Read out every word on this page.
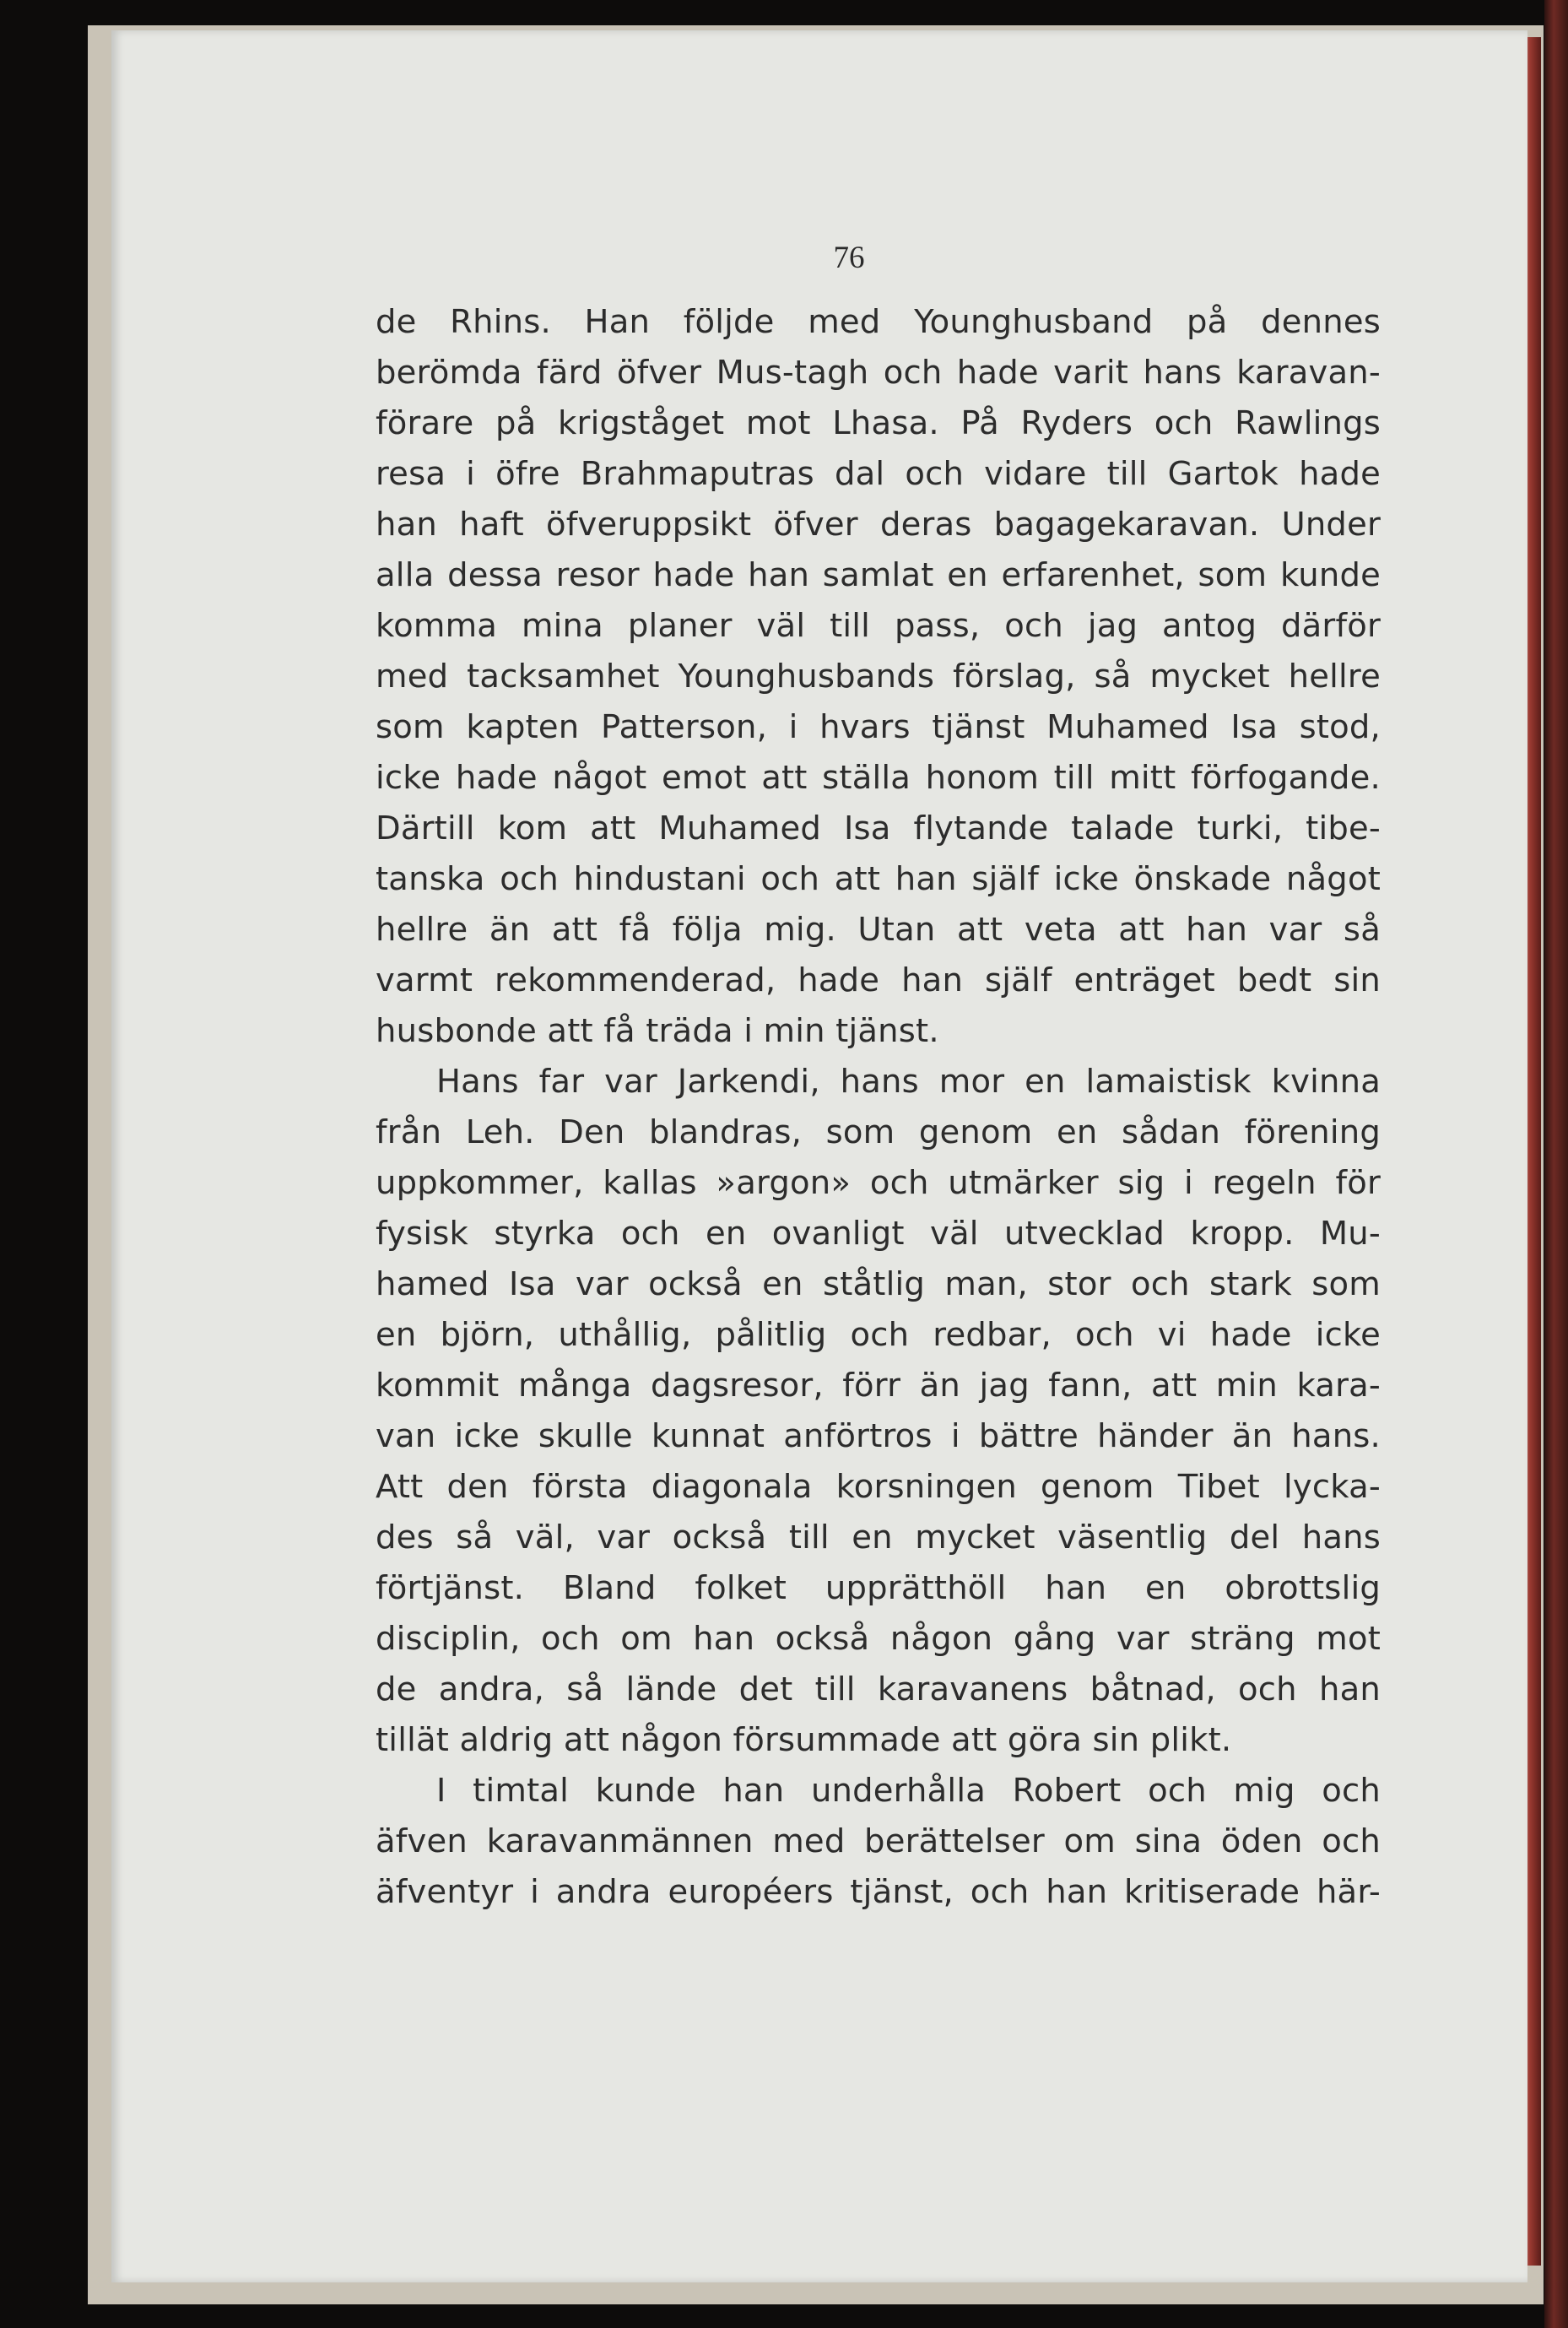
76
de Rhins. Han följde med Younghusband på dennes
berömda färd öfver Mus-tagh och hade varit hans karavan-
förare på krigståget mot Lhasa. På Ryders och Rawlings
resa i öfre Brahmaputras dal och vidare till Gartok hade
han haft öfveruppsikt öfver deras bagagekaravan. Under
alla dessa resor hade han samlat en erfarenhet, som kunde
komma mina planer väl till pass, och jag antog därför
med tacksamhet Younghusbands förslag, så mycket hellre
som kapten Patterson, i hvars tjänst Muhamed Isa stod,
icke hade något emot att ställa honom till mitt förfogande.
Därtill kom att Muhamed Isa flytande talade turki, tibe-
tanska och hindustani och att han själf icke önskade något
hellre än att få följa mig. Utan att veta att han var så
varmt rekommenderad, hade han själf enträget bedt sin
husbonde att få träda i min tjänst.
Hans far var Jarkendi, hans mor en lamaistisk kvinna
från Leh. Den blandras, som genom en sådan förening
uppkommer, kallas »argon» och utmärker sig i regeln för
fysisk styrka och en ovanligt väl utvecklad kropp. Mu-
hamed Isa var också en ståtlig man, stor och stark som
en björn, uthållig, pålitlig och redbar, och vi hade icke
kommit många dagsresor, förr än jag fann, att min kara-
van icke skulle kunnat anförtros i bättre händer än hans.
Att den första diagonala korsningen genom Tibet lycka-
des så väl, var också till en mycket väsentlig del hans
förtjänst. Bland folket upprätthöll han en obrottslig
disciplin, och om han också någon gång var sträng mot
de andra, så lände det till karavanens båtnad, och han
tillät aldrig att någon försummade att göra sin plikt.
I timtal kunde han underhålla Robert och mig och
äfven karavanmännen med berättelser om sina öden och
äfventyr i andra européers tjänst, och han kritiserade här-
